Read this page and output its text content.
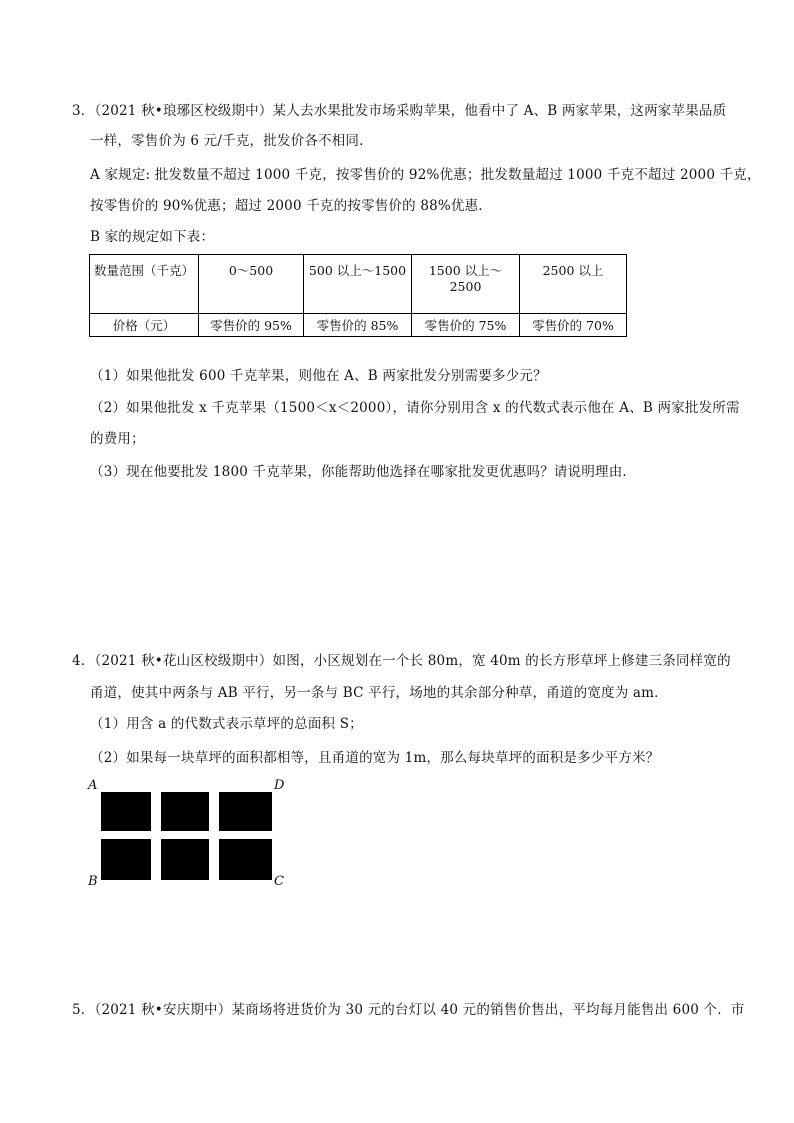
3．（2021 秋•琅琊区校级期中）某人去水果批发市场采购苹果，他看中了 A、B 两家苹果，这两家苹果品质
一样，零售价为 6 元/千克，批发价各不相同．
A 家规定: 批发数量不超过 1000 千克，按零售价的 92%优惠；批发数量超过 1000 千克不超过 2000 千克，
按零售价的 90%优惠；超过 2000 千克的按零售价的 88%优惠．
B 家的规定如下表：
数量范围（千克）	0～500	500 以上～1500	1500 以上～2500	2500 以上
价格（元）	零售价的 95%	零售价的 85%	零售价的 75%	零售价的 70%
（1）如果他批发 600 千克苹果，则他在 A、B 两家批发分别需要多少元？
（2）如果他批发 x 千克苹果（1500＜x＜2000），请你分别用含 x 的代数式表示他在 A、B 两家批发所需
的费用；
（3）现在他要批发 1800 千克苹果，你能帮助他选择在哪家批发更优惠吗？请说明理由．
4．（2021 秋•花山区校级期中）如图，小区规划在一个长 80m，宽 40m 的长方形草坪上修建三条同样宽的
甬道，使其中两条与 AB 平行，另一条与 BC 平行，场地的其余部分种草，甬道的宽度为 am．
（1）用含 a 的代数式表示草坪的总面积 S；
（2）如果每一块草坪的面积都相等，且甬道的宽为 1m，那么每块草坪的面积是多少平方米？
A	D
B	C
5．（2021 秋•安庆期中）某商场将进货价为 30 元的台灯以 40 元的销售价售出，平均每月能售出 600 个．市
